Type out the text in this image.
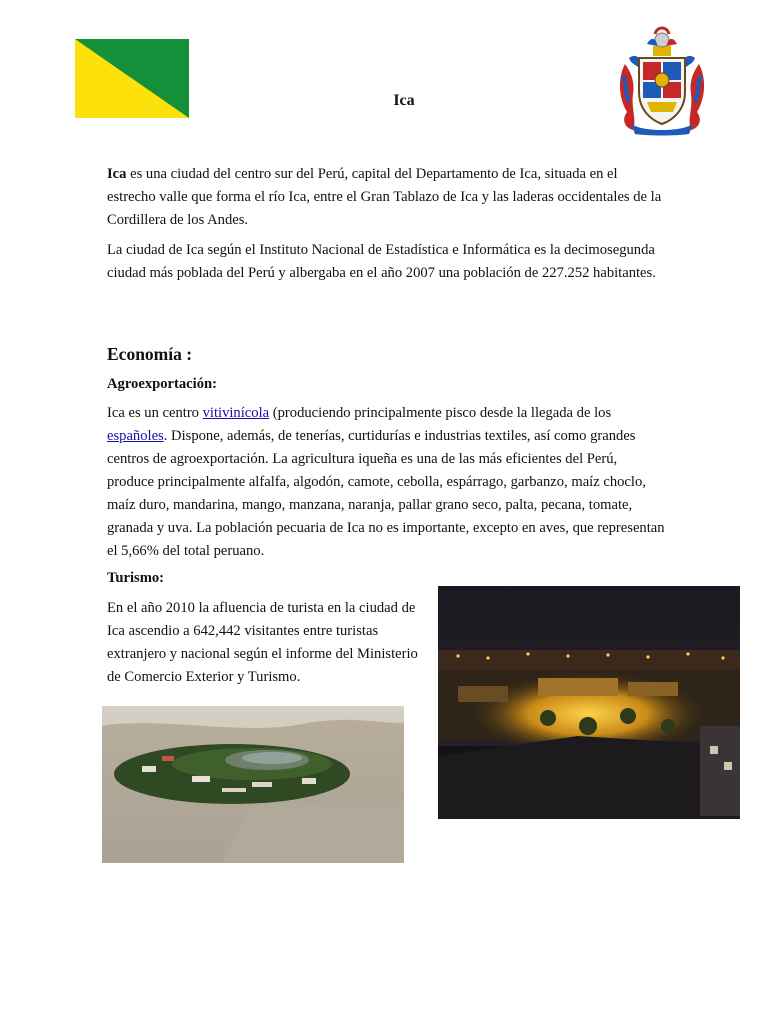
Ica

Ica es una ciudad del centro sur del Perú, capital del Departamento de Ica, situada en el estrecho valle que forma el río Ica, entre el Gran Tablazo de Ica y las laderas occidentales de la Cordillera de los Andes.

La ciudad de Ica según el Instituto Nacional de Estadística e Informática es la decimosegunda ciudad más poblada del Perú y albergaba en el año 2007 una población de 227.252 habitantes.

Economía :
Agroexportación:

Ica es un centro vitivinícola (produciendo principalmente pisco desde la llegada de los españoles. Dispone, además, de tenerías, curtidurías e industrias textiles, así como grandes centros de agroexportación. La agricultura iqueña es una de las más eficientes del Perú, produce principalmente alfalfa, algodón, camote, cebolla, espárrago, garbanzo, maíz choclo, maíz duro, mandarina, mango, manzana, naranja, pallar grano seco, palta, pecana, tomate, granada y uva. La población pecuaria de Ica no es importante, excepto en aves, que representan el 5,66% del total peruano.

Turismo:

En el año 2010 la afluencia de turista en la ciudad de Ica ascendio a 642,442 visitantes entre turistas extranjero y nacional según el informe del Ministerio de Comercio Exterior y Turismo.
